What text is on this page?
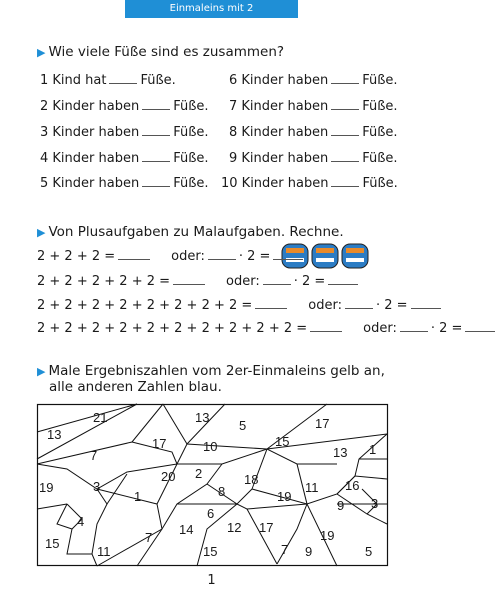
Einmaleins mit 2
▶ Wie viele Füße sind es zusammen?
1 Kind hat	Füße.
2 Kinder haben	Füße.
3 Kinder haben	Füße.
4 Kinder haben	Füße.
5 Kinder haben	Füße.
6 Kinder haben	Füße.
7 Kinder haben	Füße.
8 Kinder haben	Füße.
9 Kinder haben	Füße.
10 Kinder haben	Füße.
▶ Von Plusaufgaben zu Malaufgaben. Rechne.
2 + 2 + 2 =	oder:	· 2 =
2 + 2 + 2 + 2 + 2 =	oder:	· 2 =
2 + 2 + 2 + 2 + 2 + 2 + 2 + 2 =	oder:	· 2 =
2 + 2 + 2 + 2 + 2 + 2 + 2 + 2 + 2 + 2 =	oder:	· 2 =
▶ Male Ergebniszahlen vom 2er-Einmaleins gelb an,
alle anderen Zahlen blau.
21
13
17
7
13
5
10	15
17
13 1
19	3
1
20 2
8
18
19
11 16
9 3
4
6
7
14	12 17
7
19
15
11	15	9	5
1
